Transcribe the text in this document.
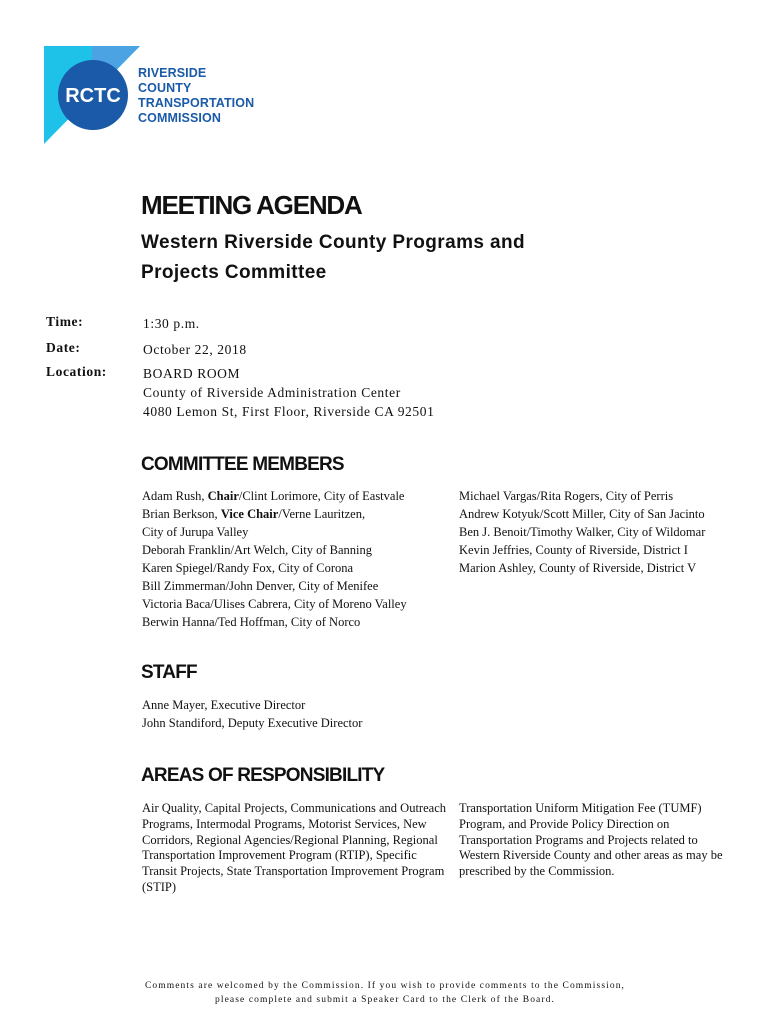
RCTC
RIVERSIDE
COUNTY
TRANSPORTATION
COMMISSION
MEETING AGENDA
Western Riverside County Programs and Projects Committee
Time:	1:30 p.m.
Date:	October 22, 2018
Location:	BOARD ROOM
County of Riverside Administration Center
4080 Lemon St, First Floor, Riverside CA 92501
COMMITTEE MEMBERS
Adam Rush, Chair/Clint Lorimore, City of Eastvale
Brian Berkson, Vice Chair/Verne Lauritzen,
City of Jurupa Valley
Deborah Franklin/Art Welch, City of Banning
Karen Spiegel/Randy Fox, City of Corona
Bill Zimmerman/John Denver, City of Menifee
Victoria Baca/Ulises Cabrera, City of Moreno Valley
Berwin Hanna/Ted Hoffman, City of Norco
Michael Vargas/Rita Rogers, City of Perris
Andrew Kotyuk/Scott Miller, City of San Jacinto
Ben J. Benoit/Timothy Walker, City of Wildomar
Kevin Jeffries, County of Riverside, District I
Marion Ashley, County of Riverside, District V
STAFF
Anne Mayer, Executive Director
John Standiford, Deputy Executive Director
AREAS OF RESPONSIBILITY
Air Quality, Capital Projects, Communications and Outreach Programs, Intermodal Programs, Motorist Services, New Corridors, Regional Agencies/Regional Planning, Regional Transportation Improvement Program (RTIP), Specific Transit Projects, State Transportation Improvement Program (STIP)
Transportation Uniform Mitigation Fee (TUMF) Program, and Provide Policy Direction on Transportation Programs and Projects related to Western Riverside County and other areas as may be prescribed by the Commission.
Comments are welcomed by the Commission. If you wish to provide comments to the Commission,
please complete and submit a Speaker Card to the Clerk of the Board.
